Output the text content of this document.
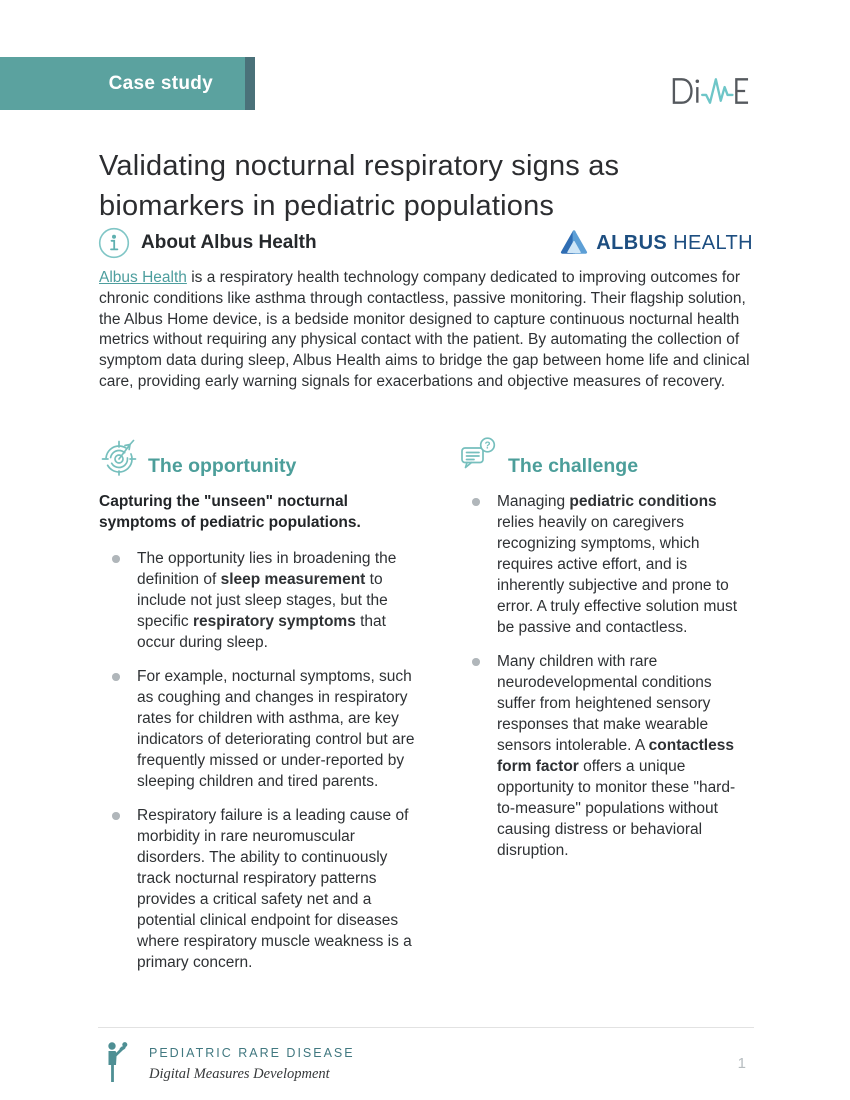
Case study
Validating nocturnal respiratory signs as biomarkers in pediatric populations
About Albus Health	ALBUS HEALTH

Albus Health is a respiratory health technology company dedicated to improving outcomes for chronic conditions like asthma through contactless, passive monitoring. Their flagship solution, the Albus Home device, is a bedside monitor designed to capture continuous nocturnal health metrics without requiring any physical contact with the patient. By automating the collection of symptom data during sleep, Albus Health aims to bridge the gap between home life and clinical care, providing early warning signals for exacerbations and objective measures of recovery.

The opportunity

Capturing the "unseen" nocturnal symptoms of pediatric populations.

The opportunity lies in broadening the definition of sleep measurement to include not just sleep stages, but the specific respiratory symptoms that occur during sleep.
For example, nocturnal symptoms, such as coughing and changes in respiratory rates for children with asthma, are key indicators of deteriorating control but are frequently missed or under-reported by sleeping children and tired parents.
Respiratory failure is a leading cause of morbidity in rare neuromuscular disorders. The ability to continuously track nocturnal respiratory patterns provides a critical safety net and a potential clinical endpoint for diseases where respiratory muscle weakness is a primary concern.
?
The challenge
Managing pediatric conditions relies heavily on caregivers recognizing symptoms, which requires active effort, and is inherently subjective and prone to error. A truly effective solution must be passive and contactless.
Many children with rare neurodevelopmental conditions suffer from heightened sensory responses that make wearable sensors intolerable. A contactless form factor offers a unique opportunity to monitor these "hard-to-measure" populations without causing distress or behavioral disruption.
PEDIATRIC RARE DISEASE
Digital Measures Development
1
